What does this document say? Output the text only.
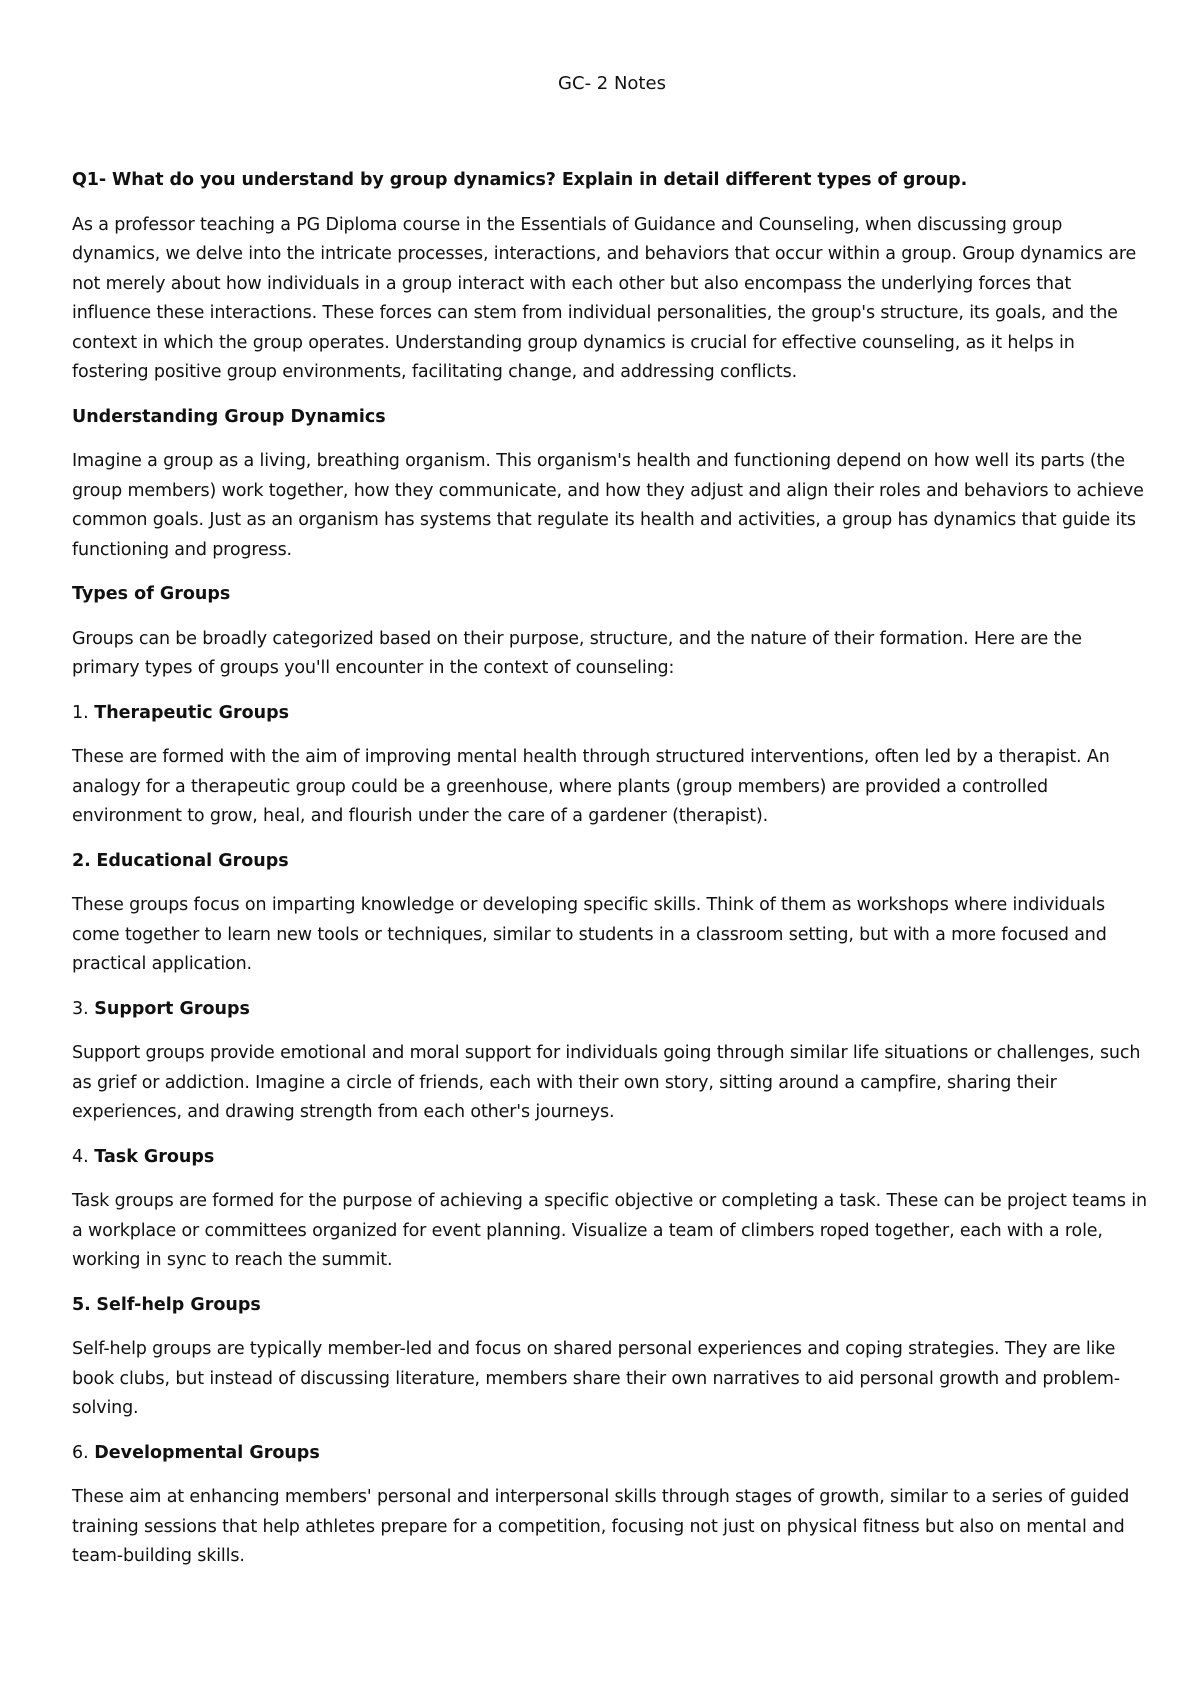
GC- 2 Notes
Q1- What do you understand by group dynamics? Explain in detail different types of group.

As a professor teaching a PG Diploma course in the Essentials of Guidance and Counseling, when discussing group dynamics, we delve into the intricate processes, interactions, and behaviors that occur within a group. Group dynamics are not merely about how individuals in a group interact with each other but also encompass the underlying forces that influence these interactions. These forces can stem from individual personalities, the group's structure, its goals, and the context in which the group operates. Understanding group dynamics is crucial for effective counseling, as it helps in fostering positive group environments, facilitating change, and addressing conflicts.

Understanding Group Dynamics

Imagine a group as a living, breathing organism. This organism's health and functioning depend on how well its parts (the group members) work together, how they communicate, and how they adjust and align their roles and behaviors to achieve common goals. Just as an organism has systems that regulate its health and activities, a group has dynamics that guide its functioning and progress.

Types of Groups

Groups can be broadly categorized based on their purpose, structure, and the nature of their formation. Here are the primary types of groups you'll encounter in the context of counseling:

1. Therapeutic Groups

These are formed with the aim of improving mental health through structured interventions, often led by a therapist. An analogy for a therapeutic group could be a greenhouse, where plants (group members) are provided a controlled environment to grow, heal, and flourish under the care of a gardener (therapist).

2. Educational Groups

These groups focus on imparting knowledge or developing specific skills. Think of them as workshops where individuals come together to learn new tools or techniques, similar to students in a classroom setting, but with a more focused and practical application.

3. Support Groups

Support groups provide emotional and moral support for individuals going through similar life situations or challenges, such as grief or addiction. Imagine a circle of friends, each with their own story, sitting around a campfire, sharing their experiences, and drawing strength from each other's journeys.

4. Task Groups

Task groups are formed for the purpose of achieving a specific objective or completing a task. These can be project teams in a workplace or committees organized for event planning. Visualize a team of climbers roped together, each with a role, working in sync to reach the summit.

5. Self-help Groups

Self-help groups are typically member-led and focus on shared personal experiences and coping strategies. They are like book clubs, but instead of discussing literature, members share their own narratives to aid personal growth and problem-solving.

6. Developmental Groups

These aim at enhancing members' personal and interpersonal skills through stages of growth, similar to a series of guided training sessions that help athletes prepare for a competition, focusing not just on physical fitness but also on mental and team-building skills.
